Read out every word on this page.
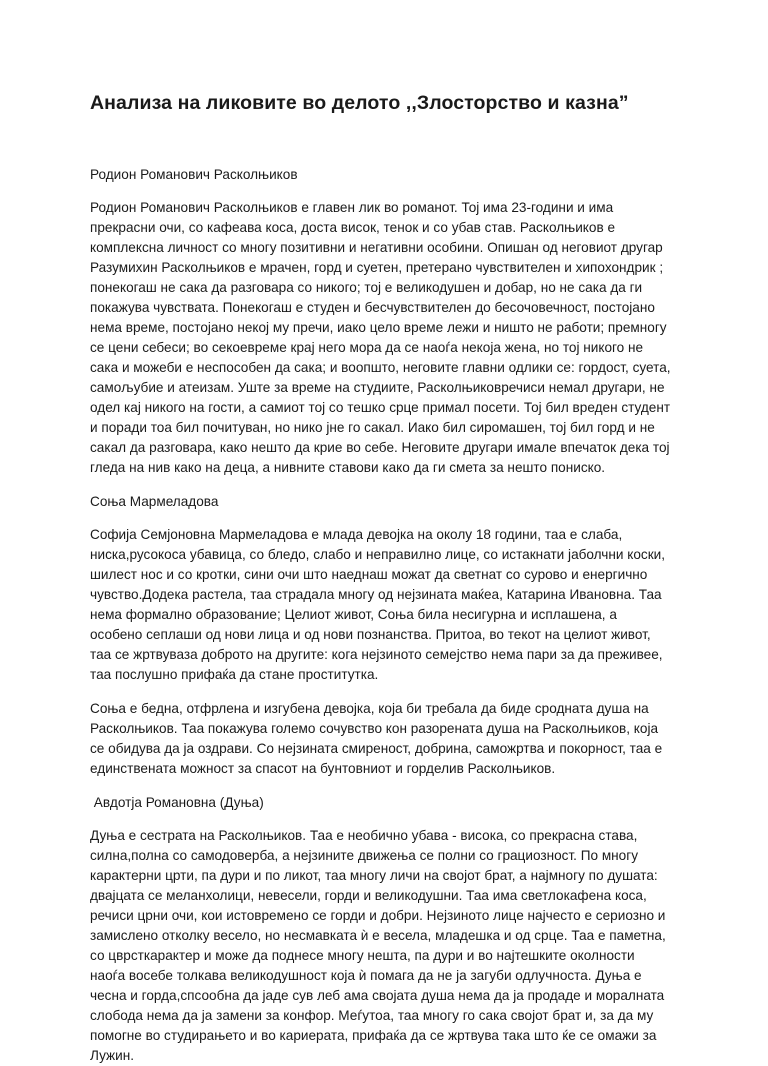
Анализа на ликовите во делото ,,Злосторство и казна”

Родион Романович Расколњиков

Родион Романович Расколњиков е главен лик во романот. Тој има 23-години и има прекрасни очи, со кафеава коса, доста висок, тенок и со убав став. Расколњиков е комплексна личност со многу позитивни и негативни особини. Опишан од неговиот другар Разумихин Расколњиков е мрачен, горд и суетен, претерано чувствителен и хипохондрик ; понекогаш не сака да разговара со никого; тој е великодушен и добар, но не сака да ги покажува чувствата. Понекогаш е студен и бесчувствителен до бесочовечност, постојано нема време, постојано некој му пречи, иако цело време лежи и ништо не работи; премногу се цени себеси; во секоевреме крај него мора да се наоѓа некоја жена, но тој никого не сака и можеби е неспособен да сака; и воопшто, неговите главни одлики се: гордост, суета, самољубие и атеизам. Уште за време на студиите, Расколњиковречиси немал другари, не одел кај никого на гости, а самиот тој со тешко срце примал посети. Тој бил вреден студент и поради тоа бил почитуван, но нико јне го сакал. Иако бил сиромашен, тој бил горд и не сакал да разговара, како нешто да крие во себе. Неговите другари имале впечаток дека тој гледа на нив како на деца, а нивните ставови како да ги смета за нешто пониско.

Соња Мармеладова

Софија Семјоновна Мармеладова е млада девојка на околу 18 години, таа е слаба, ниска,русокоса убавица, со бледо, слабо и неправилно лице, со истакнати јаболчни коски, шилест нос и со кротки, сини очи што наеднаш можат да светнат со сурово и енергично чувство.Додека растела, таа страдала многу од нејзината маќеа, Катарина Ивановна. Таа нема формално образование; Целиот живот, Соња била несигурна и исплашена, а особено сеплаши од нови лица и од нови познанства. Притоа, во текот на целиот живот, таа се жртвуваза доброто на другите: кога нејзиното семејство нема пари за да преживее, таа послушно прифаќа да стане проститутка.

Соња е бедна, отфрлена и изгубена девојка, која би требала да биде сродната душа на Расколњиков. Таа покажува големо сочувство кон разорената душа на Расколњиков, која се обидува да ја оздрави. Со нејзината смиреност, добрина, саможртва и покорност, таа е единствената можност за спасот на бунтовниот и горделив Расколњиков.

Авдотја Романовна (Дуња)

Дуња е сестрата на Расколњиков. Таа е необично убава - висока, со прекрасна става, силна,полна со самодоверба, а нејзините движења се полни со грациозност. По многу карактерни црти, па дури и по ликот, таа многу личи на својот брат, а најмногу по душата: двајцата се меланхолици, невесели, горди и великодушни. Таа има светлокафена коса, речиси црни очи, кои истовремено се горди и добри. Нејзиното лице најчесто е сериозно и замислено отколку весело, но несмавката ѝ е весела, младешка и од срце. Таа е паметна, со цврсткарактер и може да поднесе многу нешта, па дури и во најтешките околности наоѓа восебе толкава великодушност која ѝ помага да не ја загуби одлучноста. Дуња е чесна и горда,спсообна да јаде сув леб ама својата душа нема да ја продаде и моралната слобода нема да ја замени за конфор. Меѓутоа, таа многу го сака својот брат и, за да му помогне во студирањето и во кариерата, прифаќа да се жртвува така што ќе се омажи за Лужин.
